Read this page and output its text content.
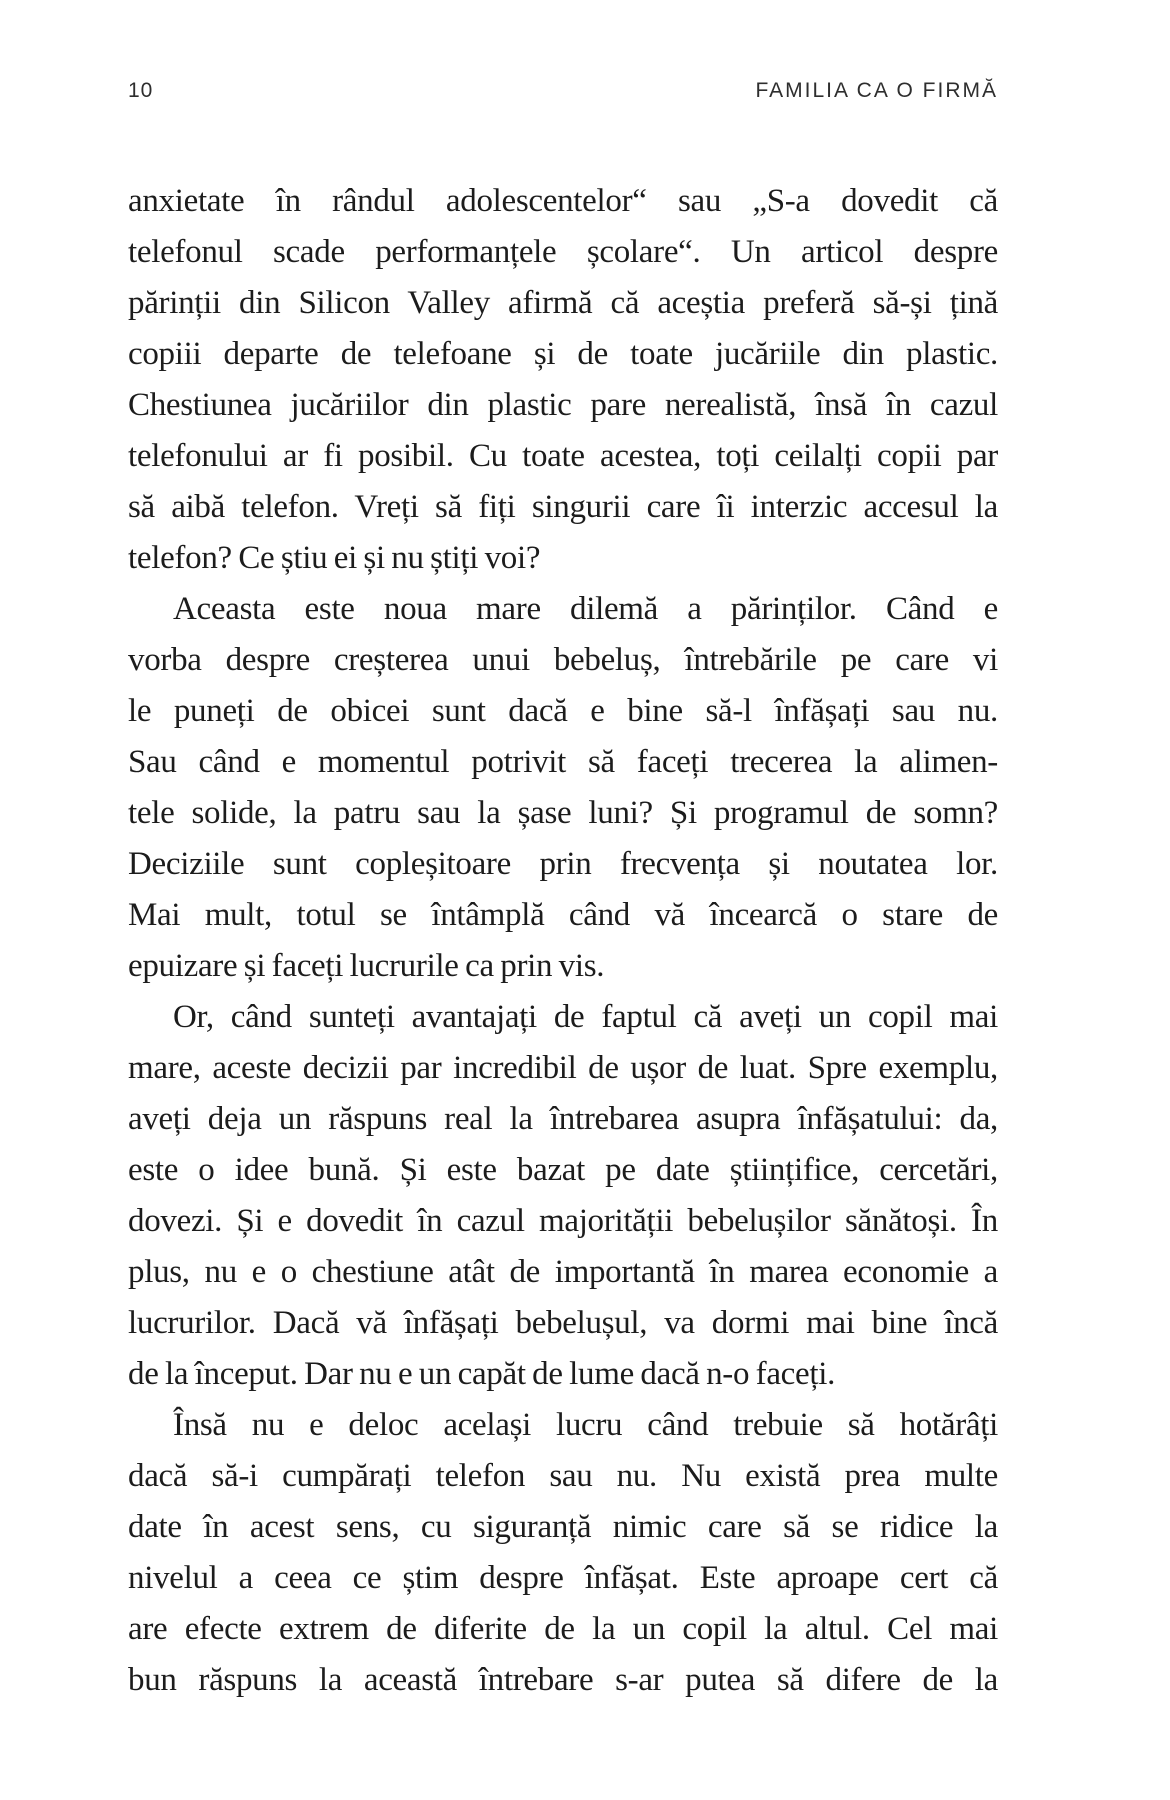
10	FAMILIA CA O FIRMĂ
anxietate în rândul adolescentelor“ sau „S-a dovedit că
telefonul scade performanțele școlare“. Un articol despre
părinții din Silicon Valley afirmă că aceștia preferă să-și țină
copiii departe de telefoane și de toate jucăriile din plastic.
Chestiunea jucăriilor din plastic pare nerealistă, însă în cazul
telefonului ar fi posibil. Cu toate acestea, toți ceilalți copii par
să aibă telefon. Vreți să fiți singurii care îi interzic accesul la
telefon? Ce știu ei și nu știți voi?
Aceasta este noua mare dilemă a părinților. Când e
vorba despre creșterea unui bebeluș, întrebările pe care vi
le puneți de obicei sunt dacă e bine să-l înfășați sau nu.
Sau când e momentul potrivit să faceți trecerea la alimen-
tele solide, la patru sau la șase luni? Și programul de somn?
Deciziile sunt copleșitoare prin frecvența și noutatea lor.
Mai mult, totul se întâmplă când vă încearcă o stare de
epuizare și faceți lucrurile ca prin vis.
Or, când sunteți avantajați de faptul că aveți un copil mai
mare, aceste decizii par incredibil de ușor de luat. Spre exemplu,
aveți deja un răspuns real la întrebarea asupra înfășatului: da,
este o idee bună. Și este bazat pe date științifice, cercetări,
dovezi. Și e dovedit în cazul majorității bebelușilor sănătoși. În
plus, nu e o chestiune atât de importantă în marea economie a
lucrurilor. Dacă vă înfășați bebelușul, va dormi mai bine încă
de la început. Dar nu e un capăt de lume dacă n-o faceți.
Însă nu e deloc același lucru când trebuie să hotărâți
dacă să-i cumpărați telefon sau nu. Nu există prea multe
date în acest sens, cu siguranță nimic care să se ridice la
nivelul a ceea ce știm despre înfășat. Este aproape cert că
are efecte extrem de diferite de la un copil la altul. Cel mai
bun răspuns la această întrebare s-ar putea să difere de la
